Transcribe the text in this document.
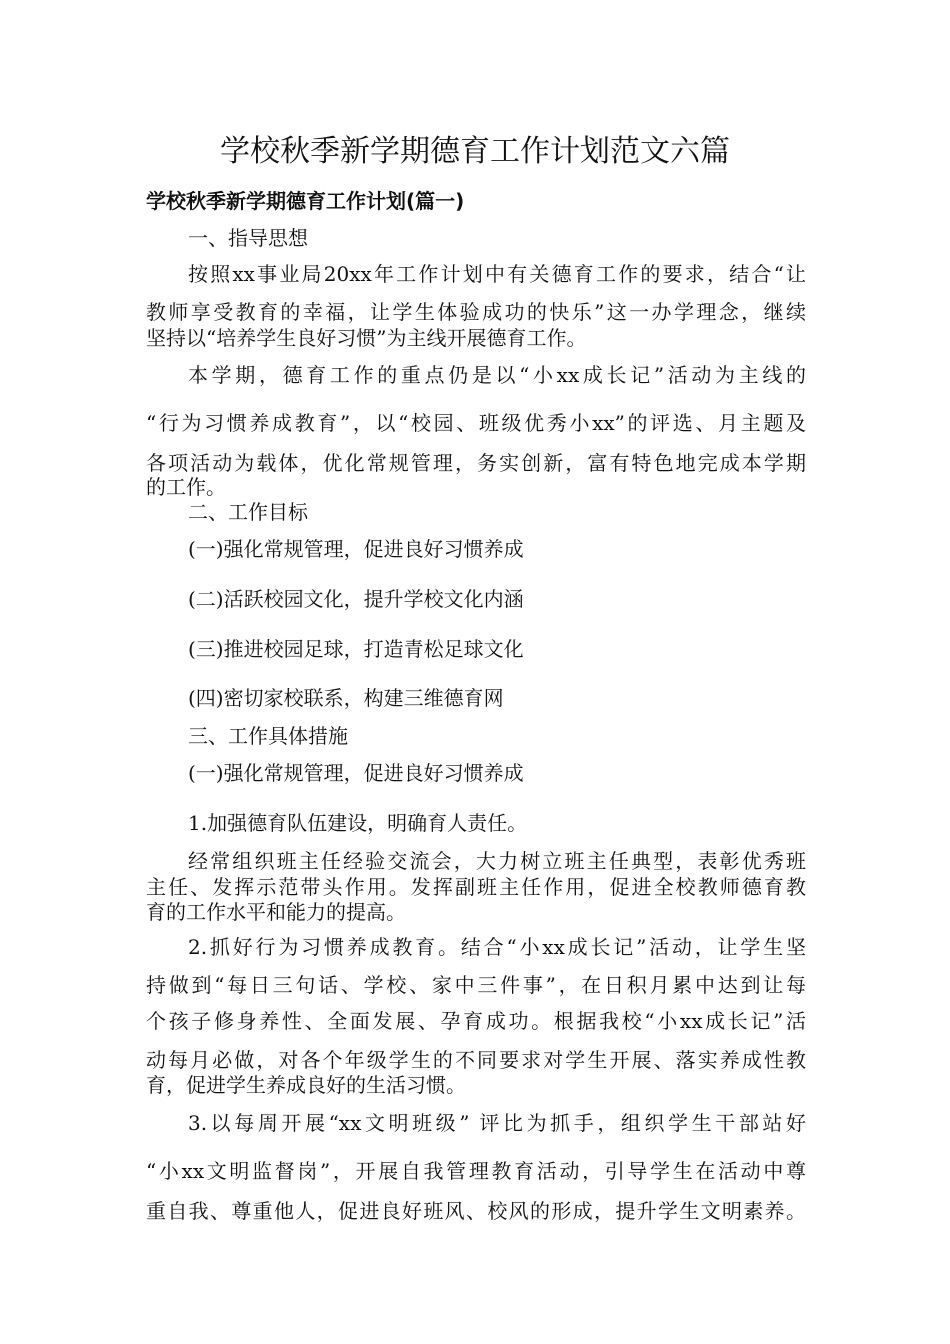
学校秋季新学期德育工作计划范文六篇
学校秋季新学期德育工作计划(篇一)

一、指导思想

按照xx事业局20xx年工作计划中有关德育工作的要求，结合“让

教师享受教育的幸福，让学生体验成功的快乐”这一办学理念，继续

坚持以“培养学生良好习惯”为主线开展德育工作。

本学期，德育工作的重点仍是以“小xx成长记”活动为主线的

“行为习惯养成教育”，以“校园、班级优秀小xx”的评选、月主题及

各项活动为载体，优化常规管理，务实创新，富有特色地完成本学期

的工作。

二、工作目标

(一)强化常规管理，促进良好习惯养成

(二)活跃校园文化，提升学校文化内涵

(三)推进校园足球，打造青松足球文化

(四)密切家校联系，构建三维德育网

三、工作具体措施

(一)强化常规管理，促进良好习惯养成

1.加强德育队伍建设，明确育人责任。

经常组织班主任经验交流会，大力树立班主任典型，表彰优秀班

主任、发挥示范带头作用。发挥副班主任作用，促进全校教师德育教

育的工作水平和能力的提高。

2.抓好行为习惯养成教育。结合“小xx成长记”活动，让学生坚

持做到“每日三句话、学校、家中三件事”，在日积月累中达到让每

个孩子修身养性、全面发展、孕育成功。根据我校“小xx成长记”活

动每月必做，对各个年级学生的不同要求对学生开展、落实养成性教

育，促进学生养成良好的生活习惯。

3.以每周开展“xx文明班级” 评比为抓手，组织学生干部站好

“小xx文明监督岗”，开展自我管理教育活动，引导学生在活动中尊

重自我、尊重他人，促进良好班风、校风的形成，提升学生文明素养。
